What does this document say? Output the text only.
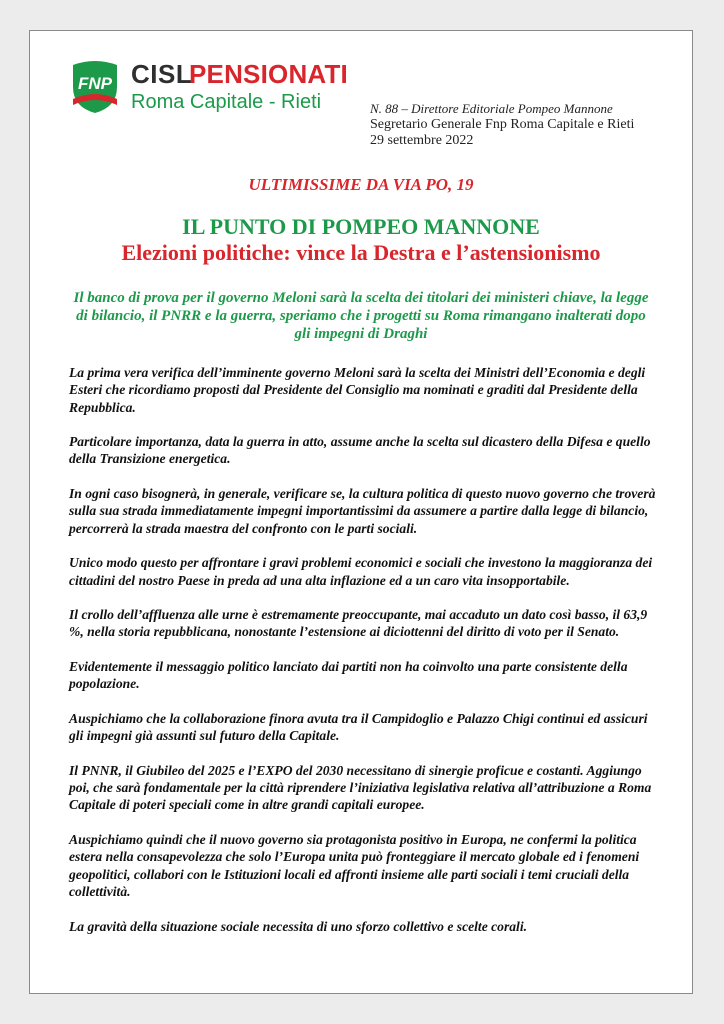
FNP CISL
PENSIONATI
Roma Capitale - Rieti	N. 88 – Direttore Editoriale Pompeo Mannone
Segretario Generale Fnp Roma Capitale e Rieti
29 settembre 2022
ULTIMISSIME DA VIA PO, 19
IL PUNTO DI POMPEO MANNONE
Elezioni politiche: vince la Destra e l’astensionismo
Il banco di prova per il governo Meloni sarà la scelta dei titolari dei ministeri chiave, la legge di bilancio, il PNRR e la guerra, speriamo che i progetti su Roma rimangano inalterati dopo gli impegni di Draghi

La prima vera verifica dell’imminente governo Meloni sarà la scelta dei Ministri dell’Economia e degli Esteri che ricordiamo proposti dal Presidente del Consiglio ma nominati e graditi dal Presidente della Repubblica.

Particolare importanza, data la guerra in atto, assume anche la scelta sul dicastero della Difesa e quello della Transizione energetica.

In ogni caso bisognerà, in generale, verificare se, la cultura politica di questo nuovo governo che troverà sulla sua strada immediatamente impegni importantissimi da assumere a partire dalla legge di bilancio, percorrerà la strada maestra del confronto con le parti sociali.

Unico modo questo per affrontare i gravi problemi economici e sociali che investono la maggioranza dei cittadini del nostro Paese in preda ad una alta inflazione ed a un caro vita insopportabile.

Il crollo dell’affluenza alle urne è estremamente preoccupante, mai accaduto un dato così basso, il 63,9 %, nella storia repubblicana, nonostante l’estensione ai diciottenni del diritto di voto per il Senato.

Evidentemente il messaggio politico lanciato dai partiti non ha coinvolto una parte consistente della popolazione.

Auspichiamo che la collaborazione finora avuta tra il Campidoglio e Palazzo Chigi continui ed assicuri gli impegni già assunti sul futuro della Capitale.

Il PNNR, il Giubileo del 2025 e l’EXPO del 2030 necessitano di sinergie proficue e costanti. Aggiungo poi, che sarà fondamentale per la città riprendere l’iniziativa legislativa relativa all’attribuzione a Roma Capitale di poteri speciali come in altre grandi capitali europee.

Auspichiamo quindi che il nuovo governo sia protagonista positivo in Europa, ne confermi la politica estera nella consapevolezza che solo l’Europa unita può fronteggiare il mercato globale ed i fenomeni geopolitici, collabori con le Istituzioni locali ed affronti insieme alle parti sociali i temi cruciali della collettività.

La gravità della situazione sociale necessita di uno sforzo collettivo e scelte corali.
